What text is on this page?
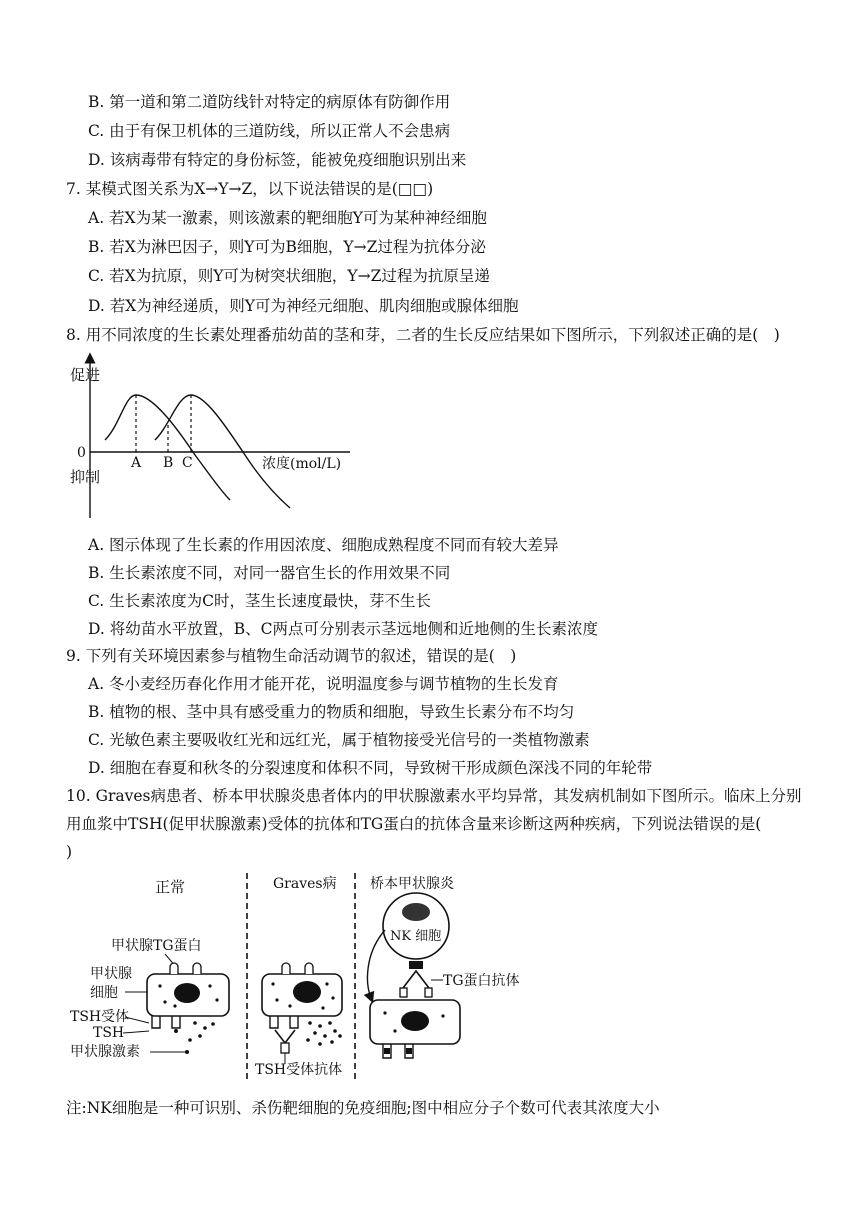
B. 第一道和第二道防线针对特定的病原体有防御作用
C. 由于有保卫机体的三道防线，所以正常人不会患病
D. 该病毒带有特定的身份标签，能被免疫细胞识别出来
7. 某模式图关系为X→Y→Z，以下说法错误的是(□□)
A. 若X为某一激素，则该激素的靶细胞Y可为某种神经细胞
B. 若X为淋巴因子，则Y可为B细胞，Y→Z过程为抗体分泌
C. 若X为抗原，则Y可为树突状细胞，Y→Z过程为抗原呈递
D. 若X为神经递质，则Y可为神经元细胞、肌肉细胞或腺体细胞
8. 用不同浓度的生长素处理番茄幼苗的茎和芽，二者的生长反应结果如下图所示，下列叙述正确的是(　)
促进
0
抑制
A B C	浓度(mol/L)
A. 图示体现了生长素的作用因浓度、细胞成熟程度不同而有较大差异
B. 生长素浓度不同，对同一器官生长的作用效果不同
C. 生长素浓度为C时，茎生长速度最快，芽不生长
D. 将幼苗水平放置，B、C两点可分别表示茎远地侧和近地侧的生长素浓度
9. 下列有关环境因素参与植物生命活动调节的叙述，错误的是(　)
A. 冬小麦经历春化作用才能开花，说明温度参与调节植物的生长发育
B. 植物的根、茎中具有感受重力的物质和细胞，导致生长素分布不均匀
C. 光敏色素主要吸收红光和远红光，属于植物接受光信号的一类植物激素
D. 细胞在春夏和秋冬的分裂速度和体积不同，导致树干形成颜色深浅不同的年轮带
10. Graves病患者、桥本甲状腺炎患者体内的甲状腺激素水平均异常，其发病机制如下图所示。临床上分别
用血浆中TSH(促甲状腺激素)受体的抗体和TG蛋白的抗体含量来诊断这两种疾病，下列说法错误的是(
)
正常	Graves病 桥本甲状腺炎
甲状腺TG蛋白
甲状腺
细胞
TSH受体
TSH
甲状腺激素
TSH受体抗体
NK 细胞
TG蛋白抗体
注:NK细胞是一种可识别、杀伤靶细胞的免疫细胞;图中相应分子个数可代表其浓度大小
